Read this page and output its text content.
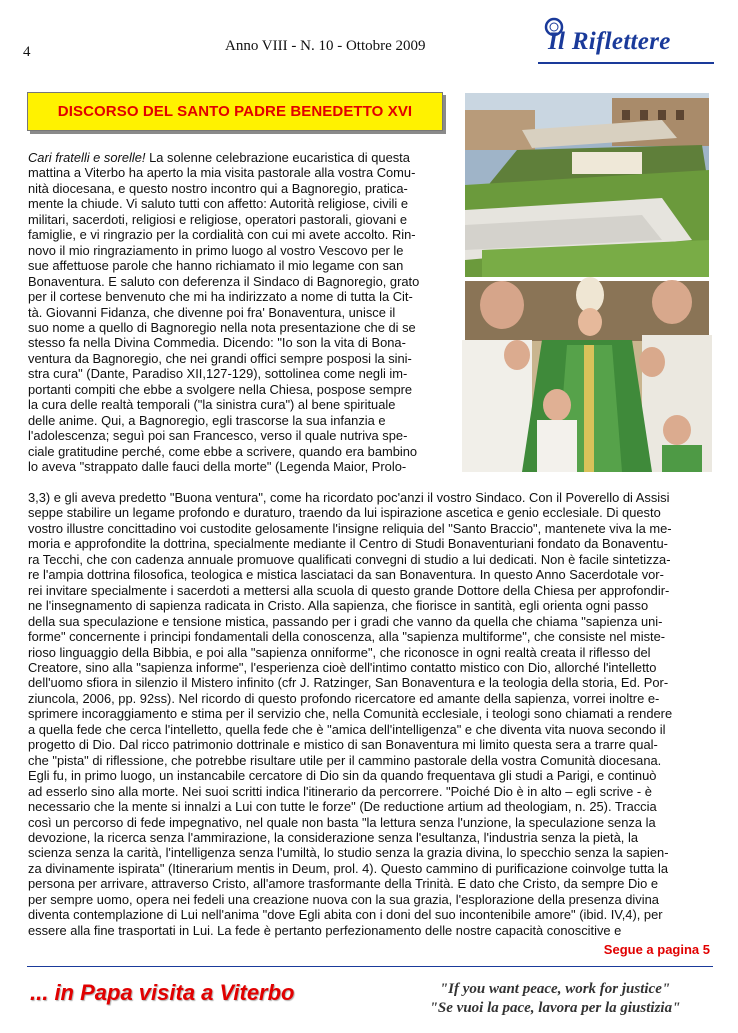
4	Anno VIII - N. 10 - Ottobre 2009	Il Riflettere
DISCORSO DEL SANTO PADRE BENEDETTO XVI
Cari fratelli e sorelle! La solenne celebrazione eucaristica di questa
mattina a Viterbo ha aperto la mia visita pastorale alla vostra Comu-
nità diocesana, e questo nostro incontro qui a Bagnoregio, pratica-
mente la chiude. Vi saluto tutti con affetto: Autorità religiose, civili e
militari, sacerdoti, religiosi e religiose, operatori pastorali, giovani e
famiglie, e vi ringrazio per la cordialità con cui mi avete accolto. Rin-
novo il mio ringraziamento in primo luogo al vostro Vescovo per le
sue affettuose parole che hanno richiamato il mio legame con san
Bonaventura. E saluto con deferenza il Sindaco di Bagnoregio, grato
per il cortese benvenuto che mi ha indirizzato a nome di tutta la Cit-
tà. Giovanni Fidanza, che divenne poi fra' Bonaventura, unisce il
suo nome a quello di Bagnoregio nella nota presentazione che di se
stesso fa nella Divina Commedia. Dicendo: "Io son la vita di Bona-
ventura da Bagnoregio, che nei grandi offici sempre posposi la sini-
stra cura" (Dante, Paradiso XII,127-129), sottolinea come negli im-
portanti compiti che ebbe a svolgere nella Chiesa, pospose sempre
la cura delle realtà temporali ("la sinistra cura") al bene spirituale
delle anime. Qui, a Bagnoregio, egli trascorse la sua infanzia e
l'adolescenza; seguì poi san Francesco, verso il quale nutriva spe-
ciale gratitudine perché, come ebbe a scrivere, quando era bambino
lo aveva "strappato dalle fauci della morte" (Legenda Maior, Prolo-
3,3) e gli aveva predetto "Buona ventura", come ha ricordato poc'anzi il vostro Sindaco. Con il Poverello di Assisi
seppe stabilire un legame profondo e duraturo, traendo da lui ispirazione ascetica e genio ecclesiale. Di questo
vostro illustre concittadino voi custodite gelosamente l'insigne reliquia del "Santo Braccio", mantenete viva la me-
moria e approfondite la dottrina, specialmente mediante il Centro di Studi Bonaventuriani fondato da Bonaventu-
ra Tecchi, che con cadenza annuale promuove qualificati convegni di studio a lui dedicati. Non è facile sintetizza-
re l'ampia dottrina filosofica, teologica e mistica lasciataci da san Bonaventura. In questo Anno Sacerdotale vor-
rei invitare specialmente i sacerdoti a mettersi alla scuola di questo grande Dottore della Chiesa per approfondir-
ne l'insegnamento di sapienza radicata in Cristo. Alla sapienza, che fiorisce in santità, egli orienta ogni passo
della sua speculazione e tensione mistica, passando per i gradi che vanno da quella che chiama "sapienza uni-
forme" concernente i principi fondamentali della conoscenza, alla "sapienza multiforme", che consiste nel miste-
rioso linguaggio della Bibbia, e poi alla "sapienza onniforme", che riconosce in ogni realtà creata il riflesso del
Creatore, sino alla "sapienza informe", l'esperienza cioè dell'intimo contatto mistico con Dio, allorché l'intelletto
dell'uomo sfiora in silenzio il Mistero infinito (cfr J. Ratzinger, San Bonaventura e la teologia della storia, Ed. Por-
ziuncola, 2006, pp. 92ss). Nel ricordo di questo profondo ricercatore ed amante della sapienza, vorrei inoltre e-
sprimere incoraggiamento e stima per il servizio che, nella Comunità ecclesiale, i teologi sono chiamati a rendere
a quella fede che cerca l'intelletto, quella fede che è "amica dell'intelligenza" e che diventa vita nuova secondo il
progetto di Dio. Dal ricco patrimonio dottrinale e mistico di san Bonaventura mi limito questa sera a trarre qual-
che "pista" di riflessione, che potrebbe risultare utile per il cammino pastorale della vostra Comunità diocesana.
Egli fu, in primo luogo, un instancabile cercatore di Dio sin da quando frequentava gli studi a Parigi, e continuò
ad esserlo sino alla morte. Nei suoi scritti indica l'itinerario da percorrere. "Poiché Dio è in alto – egli scrive - è
necessario che la mente si innalzi a Lui con tutte le forze" (De reductione artium ad theologiam, n. 25). Traccia
così un percorso di fede impegnativo, nel quale non basta "la lettura senza l'unzione, la speculazione senza la
devozione, la ricerca senza l'ammirazione, la considerazione senza l'esultanza, l'industria senza la pietà, la
scienza senza la carità, l'intelligenza senza l'umiltà, lo studio senza la grazia divina, lo specchio senza la sapien-
za divinamente ispirata" (Itinerarium mentis in Deum, prol. 4). Questo cammino di purificazione coinvolge tutta la
persona per arrivare, attraverso Cristo, all'amore trasformante della Trinità. E dato che Cristo, da sempre Dio e
per sempre uomo, opera nei fedeli una creazione nuova con la sua grazia, l'esplorazione della presenza divina
diventa contemplazione di Lui nell'anima "dove Egli abita con i doni del suo incontenibile amore" (ibid. IV,4), per
essere alla fine trasportati in Lui. La fede è pertanto perfezionamento delle nostre capacità conoscitive e
Segue a pagina 5
... in Papa visita a Viterbo	"If you want peace, work for justice"
"Se vuoi la pace, lavora per la giustizia"
